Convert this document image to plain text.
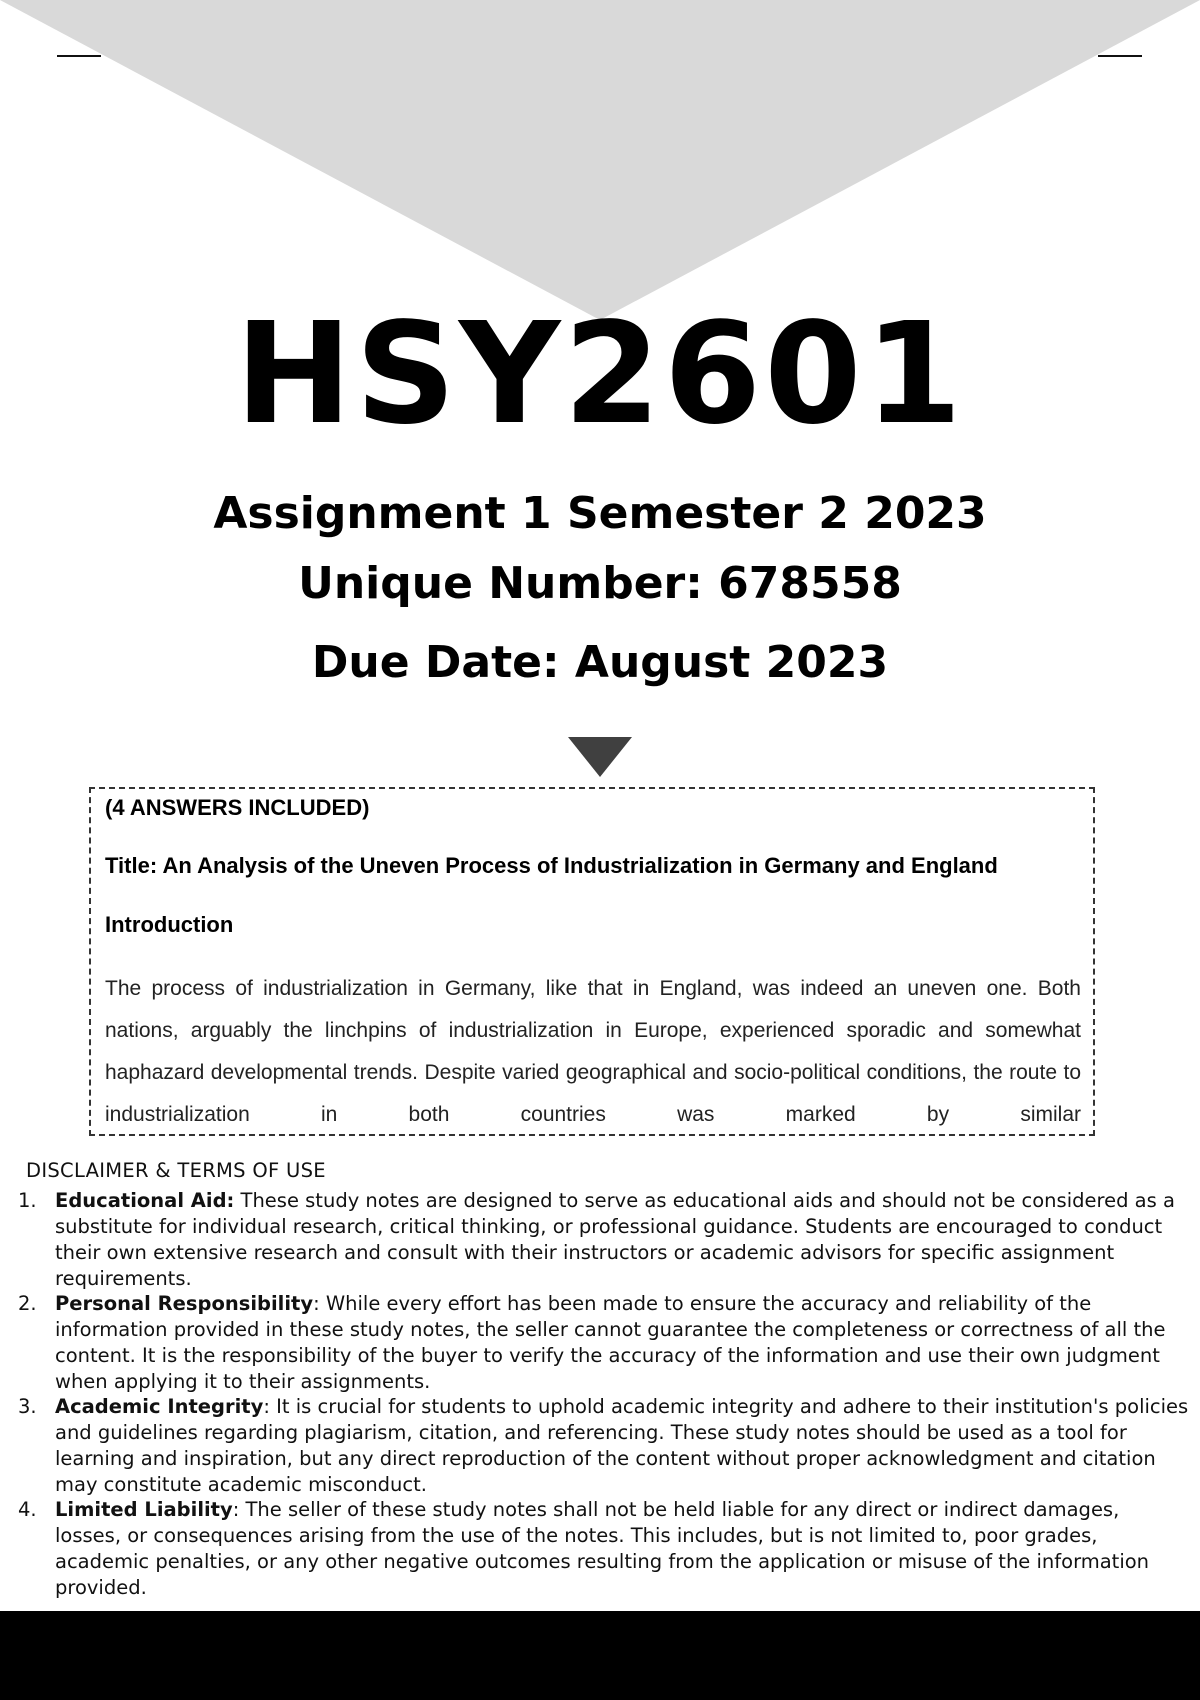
HSY2601
Assignment 1 Semester 2 2023
Unique Number: 678558
Due Date: August 2023

(4 ANSWERS INCLUDED)

Title: An Analysis of the Uneven Process of Industrialization in Germany and England

Introduction

The process of industrialization in Germany, like that in England, was indeed an uneven one. Both nations, arguably the linchpins of industrialization in Europe, experienced sporadic and somewhat haphazard developmental trends. Despite varied geographical and socio-political conditions, the route to industrialization in both countries was marked by similar

DISCLAIMER & TERMS OF USE
1. Educational Aid: These study notes are designed to serve as educational aids and should not be considered as a substitute for individual research, critical thinking, or professional guidance. Students are encouraged to conduct their own extensive research and consult with their instructors or academic advisors for specific assignment requirements.
2. Personal Responsibility: While every effort has been made to ensure the accuracy and reliability of the information provided in these study notes, the seller cannot guarantee the completeness or correctness of all the content. It is the responsibility of the buyer to verify the accuracy of the information and use their own judgment when applying it to their assignments.
3. Academic Integrity: It is crucial for students to uphold academic integrity and adhere to their institution's policies and guidelines regarding plagiarism, citation, and referencing. These study notes should be used as a tool for learning and inspiration, but any direct reproduction of the content without proper acknowledgment and citation may constitute academic misconduct.
4. Limited Liability: The seller of these study notes shall not be held liable for any direct or indirect damages, losses, or consequences arising from the use of the notes. This includes, but is not limited to, poor grades, academic penalties, or any other negative outcomes resulting from the application or misuse of the information provided.
